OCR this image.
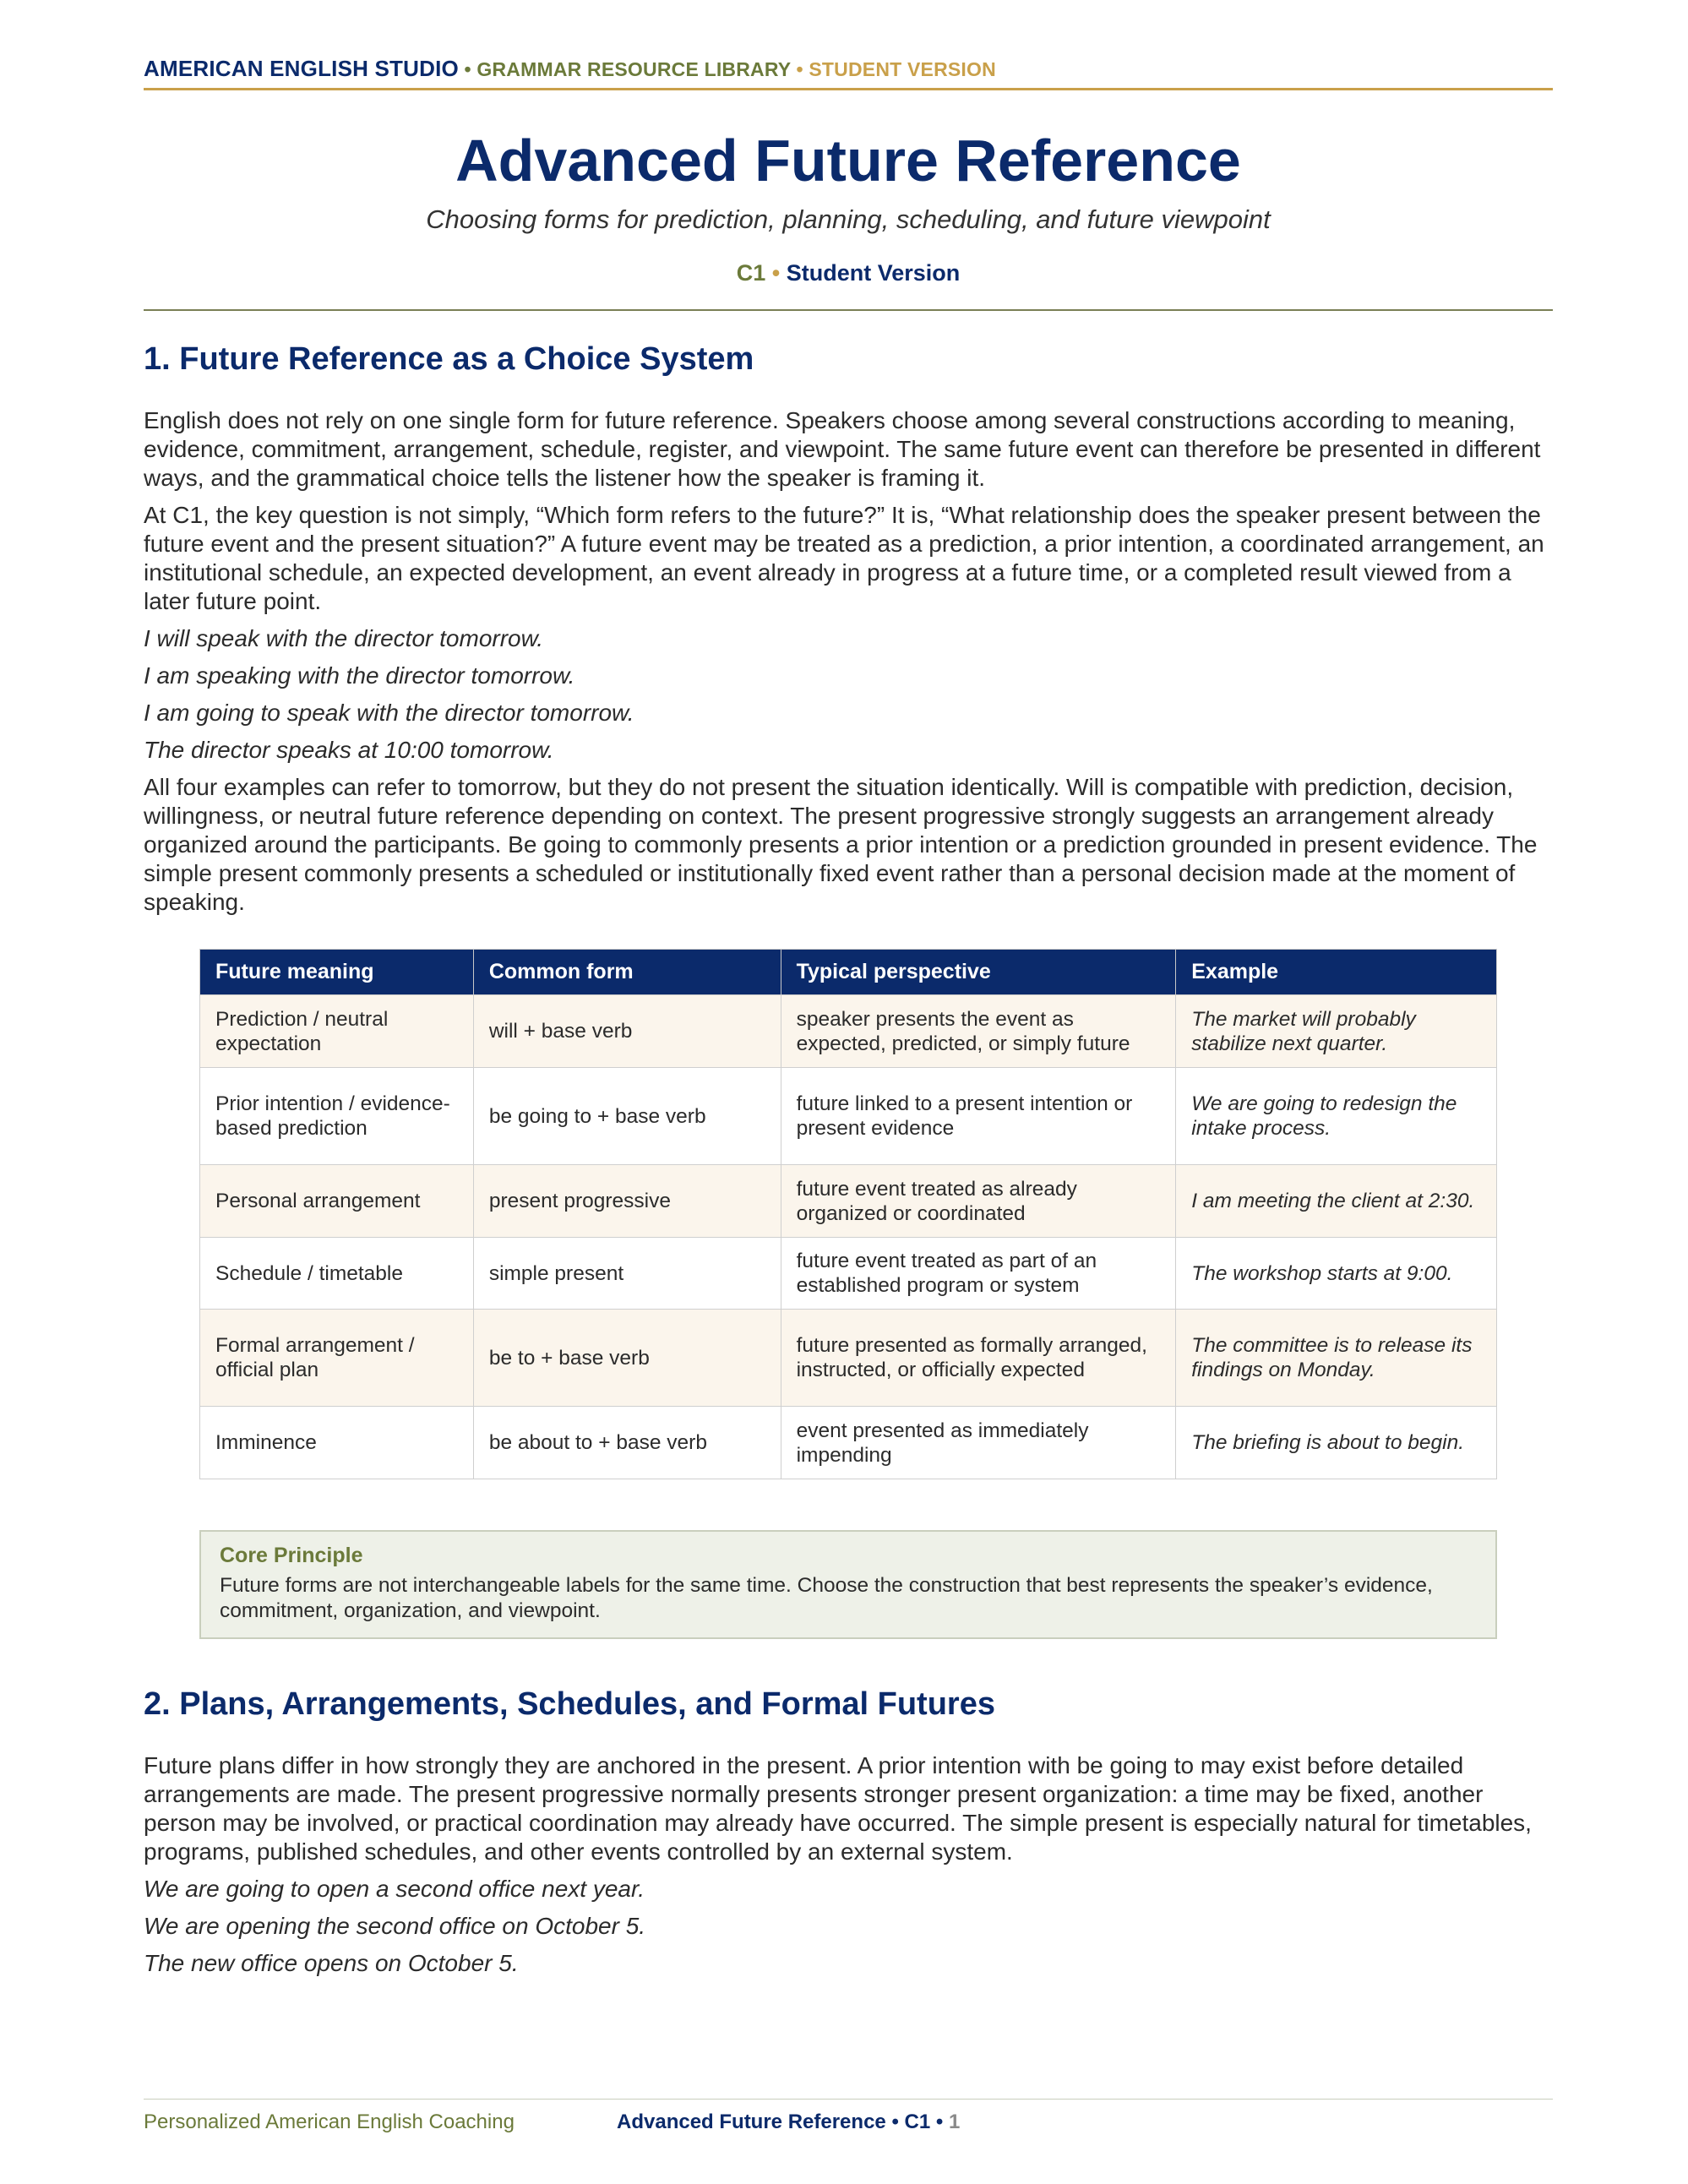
AMERICAN ENGLISH STUDIO • GRAMMAR RESOURCE LIBRARY • STUDENT VERSION
Advanced Future Reference
Choosing forms for prediction, planning, scheduling, and future viewpoint
C1 • Student Version
1. Future Reference as a Choice System

English does not rely on one single form for future reference. Speakers choose among several constructions according to meaning, evidence, commitment, arrangement, schedule, register, and viewpoint. The same future event can therefore be presented in different ways, and the grammatical choice tells the listener how the speaker is framing it.

At C1, the key question is not simply, “Which form refers to the future?” It is, “What relationship does the speaker present between the future event and the present situation?” A future event may be treated as a prediction, a prior intention, a coordinated arrangement, an institutional schedule, an expected development, an event already in progress at a future time, or a completed result viewed from a later future point.

I will speak with the director tomorrow.

I am speaking with the director tomorrow.

I am going to speak with the director tomorrow.

The director speaks at 10:00 tomorrow.

All four examples can refer to tomorrow, but they do not present the situation identically. Will is compatible with prediction, decision, willingness, or neutral future reference depending on context. The present progressive strongly suggests an arrangement already organized around the participants. Be going to commonly presents a prior intention or a prediction grounded in present evidence. The simple present commonly presents a scheduled or institutionally fixed event rather than a personal decision made at the moment of speaking.

Future meaning	Common form	Typical perspective	Example
Prediction / neutral expectation	will + base verb	speaker presents the event as expected, predicted, or simply future	The market will probably stabilize next quarter.
Prior intention / evidence-based prediction	be going to + base verb	future linked to a present intention or present evidence	We are going to redesign the intake process.
Personal arrangement	present progressive	future event treated as already organized or coordinated	I am meeting the client at 2:30.
Schedule / timetable	simple present	future event treated as part of an established program or system	The workshop starts at 9:00.
Formal arrangement / official plan	be to + base verb	future presented as formally arranged, instructed, or officially expected	The committee is to release its findings on Monday.
Imminence	be about to + base verb	event presented as immediately impending	The briefing is about to begin.
Core Principle
Future forms are not interchangeable labels for the same time. Choose the construction that best represents the speaker’s evidence, commitment, organization, and viewpoint.
2. Plans, Arrangements, Schedules, and Formal Futures

Future plans differ in how strongly they are anchored in the present. A prior intention with be going to may exist before detailed arrangements are made. The present progressive normally presents stronger present organization: a time may be fixed, another person may be involved, or practical coordination may already have occurred. The simple present is especially natural for timetables, programs, published schedules, and other events controlled by an external system.

We are going to open a second office next year.

We are opening the second office on October 5.

The new office opens on October 5.

Personalized American English Coaching	Advanced Future Reference • C1 • 1
